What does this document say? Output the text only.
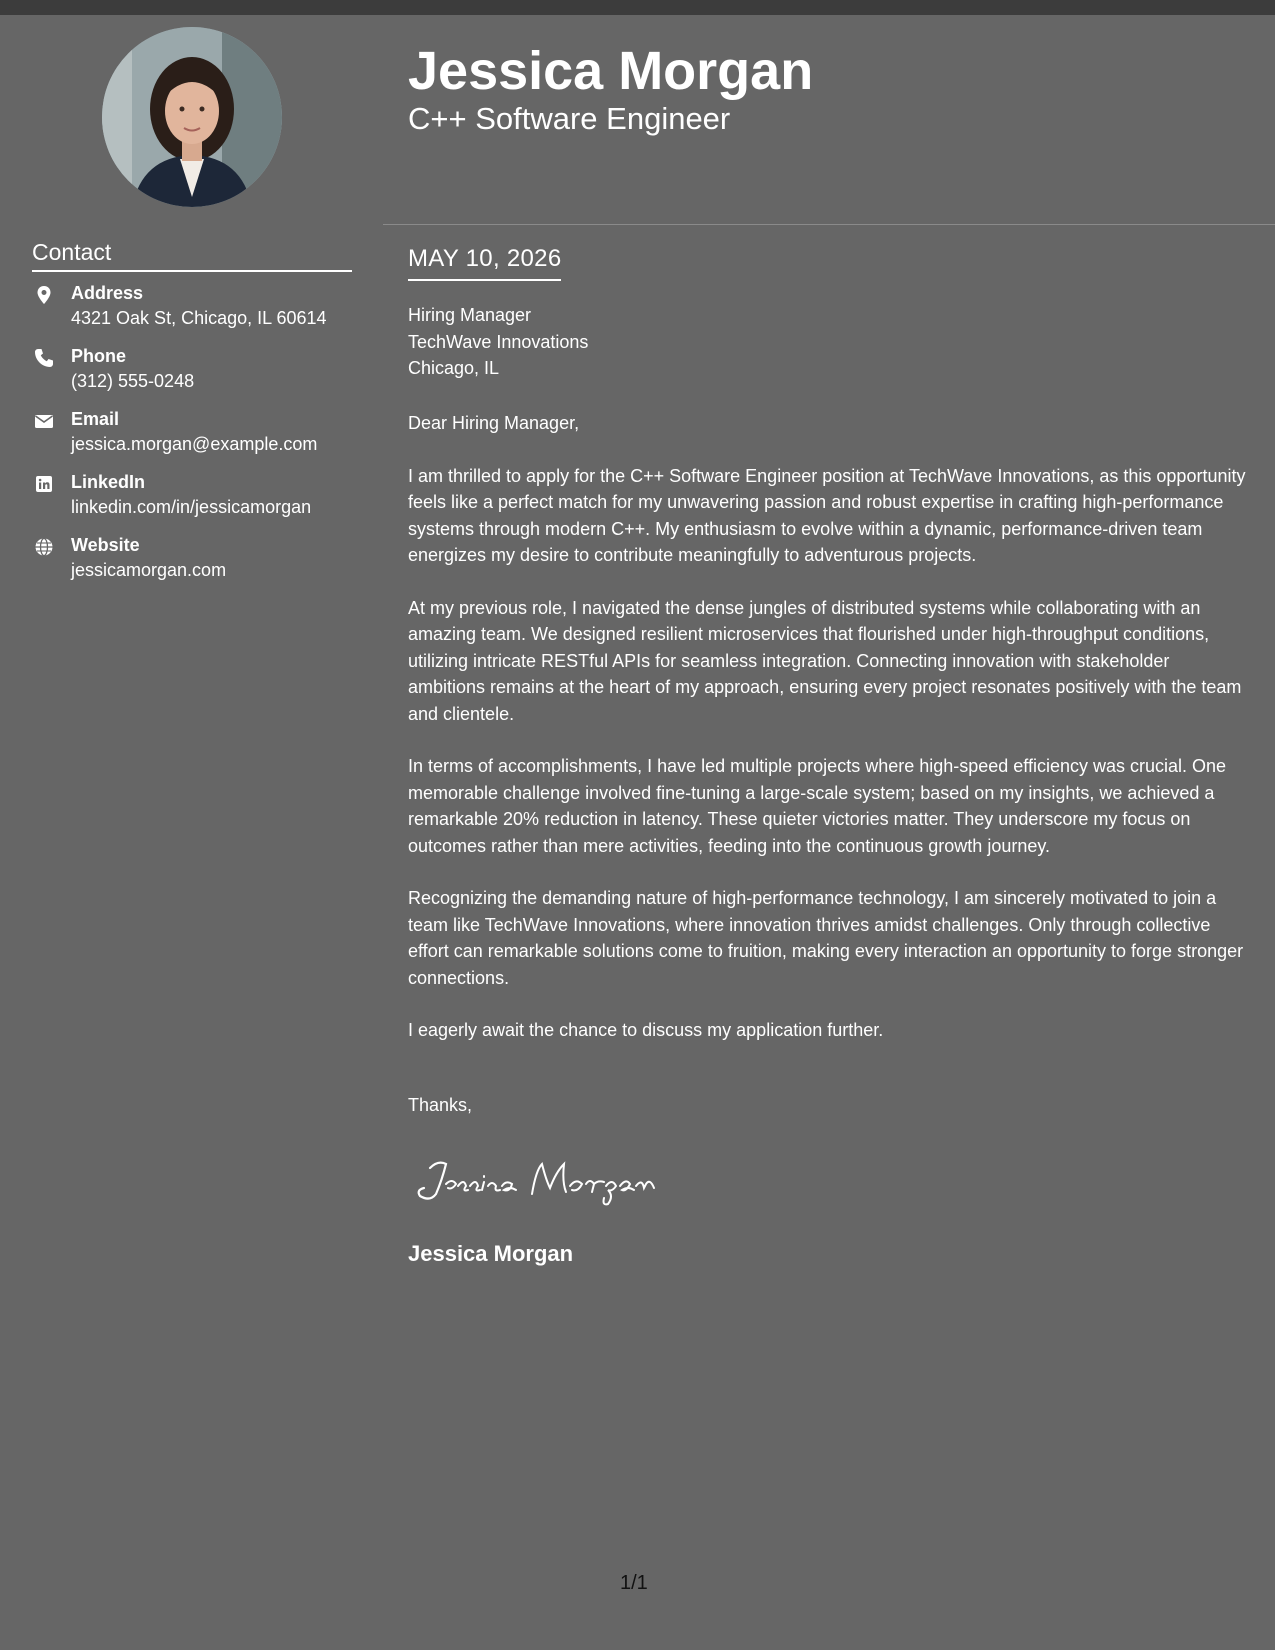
Contact
Address
4321 Oak St, Chicago, IL 60614
Phone
(312) 555-0248
Email
jessica.morgan@example.com
LinkedIn
linkedin.com/in/jessicamorgan
Website
jessicamorgan.com
Jessica Morgan
C++ Software Engineer
MAY 10, 2026
Hiring Manager
TechWave Innovations
Chicago, IL

Dear Hiring Manager,

I am thrilled to apply for the C++ Software Engineer position at TechWave Innovations, as this opportunity feels like a perfect match for my unwavering passion and robust expertise in crafting high-performance systems through modern C++. My enthusiasm to evolve within a dynamic, performance-driven team energizes my desire to contribute meaningfully to adventurous projects.

At my previous role, I navigated the dense jungles of distributed systems while collaborating with an amazing team. We designed resilient microservices that flourished under high-throughput conditions, utilizing intricate RESTful APIs for seamless integration. Connecting innovation with stakeholder ambitions remains at the heart of my approach, ensuring every project resonates positively with the team and clientele.

In terms of accomplishments, I have led multiple projects where high-speed efficiency was crucial. One memorable challenge involved fine-tuning a large-scale system; based on my insights, we achieved a remarkable 20% reduction in latency. These quieter victories matter. They underscore my focus on outcomes rather than mere activities, feeding into the continuous growth journey.

Recognizing the demanding nature of high-performance technology, I am sincerely motivated to join a team like TechWave Innovations, where innovation thrives amidst challenges. Only through collective effort can remarkable solutions come to fruition, making every interaction an opportunity to forge stronger connections.

I eagerly await the chance to discuss my application further.

Thanks,
Jessica Morgan
1/1
